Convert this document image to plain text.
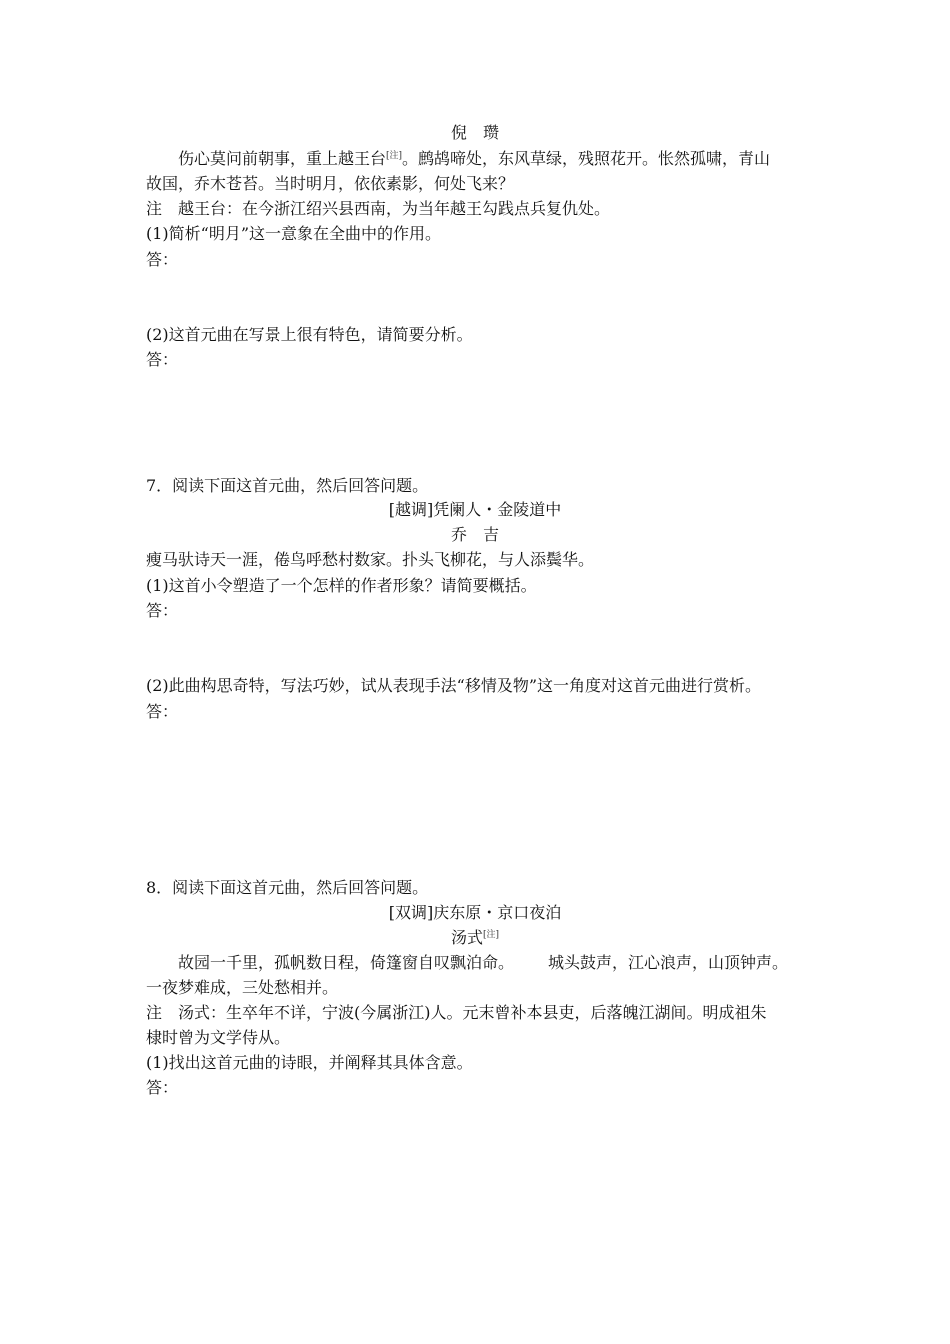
倪　瓒
伤心莫问前朝事，重上越王台[注]。鹧鸪啼处，东风草绿，残照花开。怅然孤啸，青山
故国，乔木苍苔。当时明月，依依素影，何处飞来？
注　越王台：在今浙江绍兴县西南，为当年越王勾践点兵复仇处。
(1)简析“明月”这一意象在全曲中的作用。
答：
(2)这首元曲在写景上很有特色，请简要分析。
答：
7．阅读下面这首元曲，然后回答问题。
[越调]凭阑人・金陵道中
乔　吉
瘦马驮诗天一涯，倦鸟呼愁村数家。扑头飞柳花，与人添鬓华。
(1)这首小令塑造了一个怎样的作者形象？请简要概括。
答：
(2)此曲构思奇特，写法巧妙，试从表现手法“移情及物”这一角度对这首元曲进行赏析。
答：
8．阅读下面这首元曲，然后回答问题。
[双调]庆东原・京口夜泊
汤式[注]
故园一千里，孤帆数日程，倚篷窗自叹飘泊命。 城头鼓声，江心浪声，山顶钟声。
一夜梦难成，三处愁相并。
注　汤式：生卒年不详，宁波(今属浙江)人。元末曾补本县吏，后落魄江湖间。明成祖朱
棣时曾为文学侍从。
(1)找出这首元曲的诗眼，并阐释其具体含意。
答：
